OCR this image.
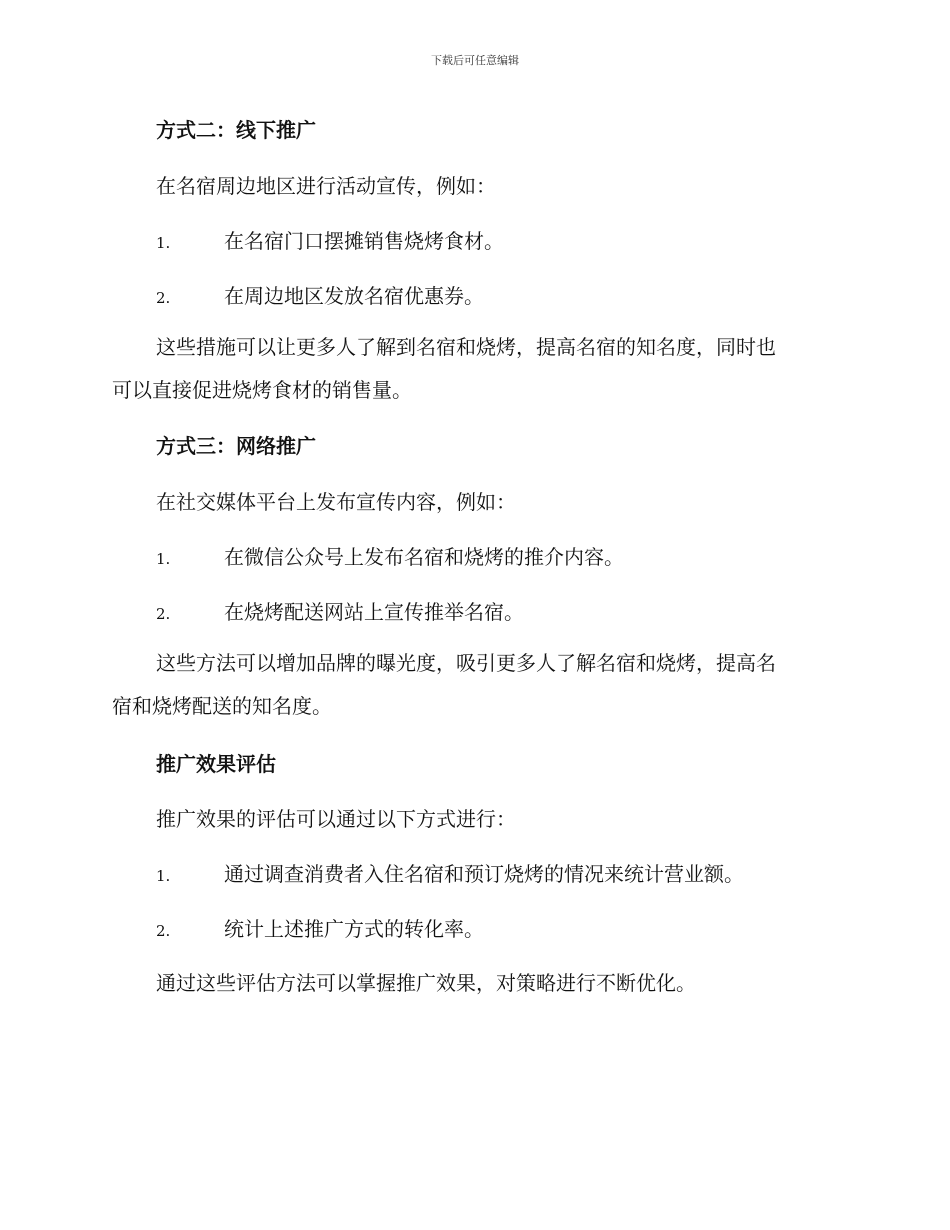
下载后可任意编辑
方式二：线下推广
在名宿周边地区进行活动宣传，例如：
1.	在名宿门口摆摊销售烧烤食材。
2.	在周边地区发放名宿优惠券。
这些措施可以让更多人了解到名宿和烧烤，提高名宿的知名度，同时也
可以直接促进烧烤食材的销售量。
方式三：网络推广
在社交媒体平台上发布宣传内容，例如：
1.	在微信公众号上发布名宿和烧烤的推介内容。
2.	在烧烤配送网站上宣传推举名宿。
这些方法可以增加品牌的曝光度，吸引更多人了解名宿和烧烤，提高名
宿和烧烤配送的知名度。
推广效果评估
推广效果的评估可以通过以下方式进行：
1.	通过调查消费者入住名宿和预订烧烤的情况来统计营业额。
2.	统计上述推广方式的转化率。
通过这些评估方法可以掌握推广效果，对策略进行不断优化。
